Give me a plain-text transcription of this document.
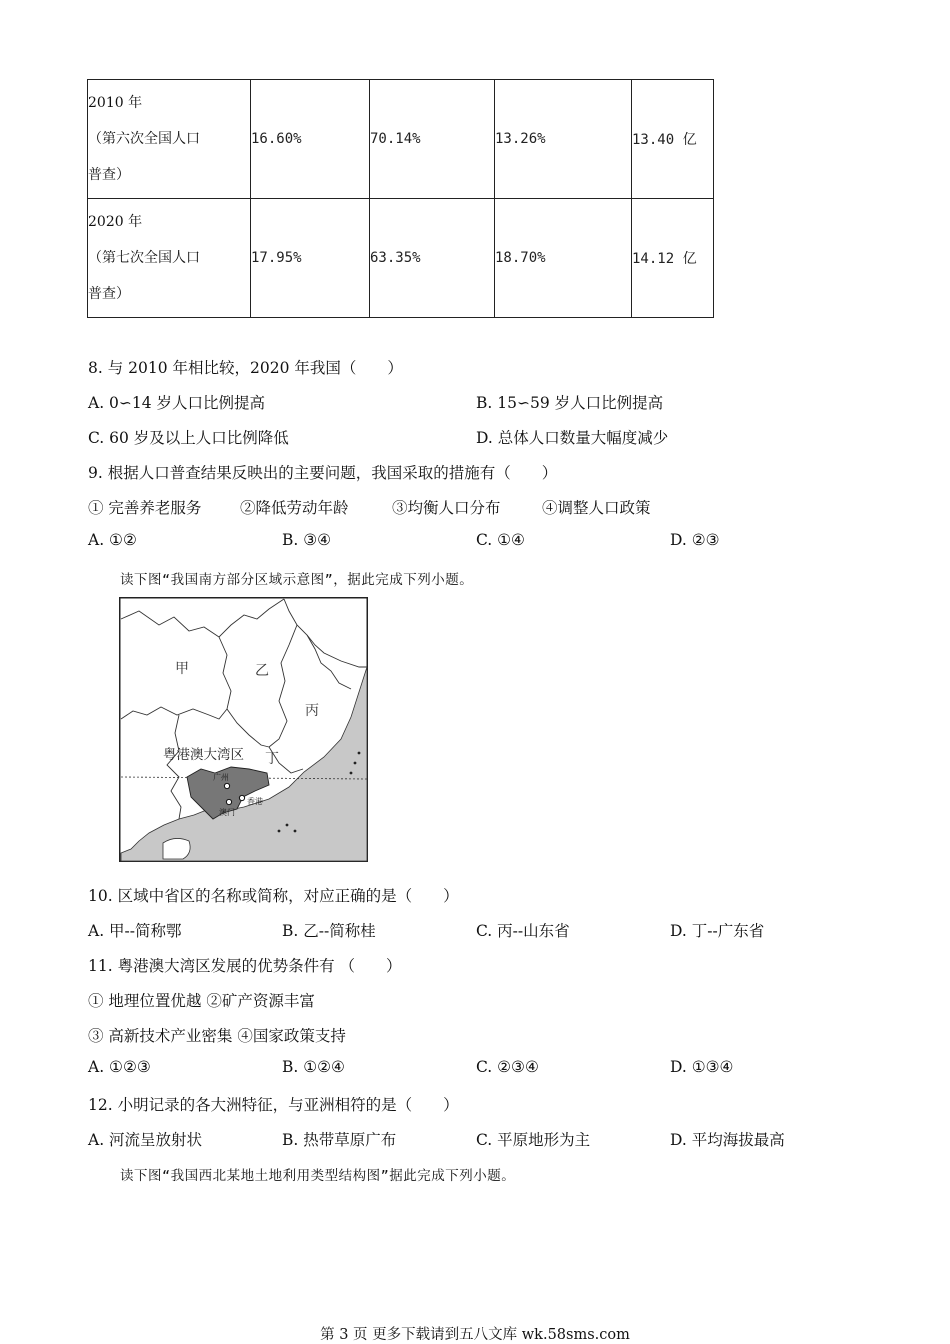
2010 年
（第六次全国人口
普查）	16.60%	70.14%	13.26%	13.40 亿

2020 年
（第七次全国人口
普查）	17.95%	63.35%	18.70%	14.12 亿
8. 与 2010 年相比较，2020 年我国（　　）
A. 0∽14 岁人口比例提高	B. 15∽59 岁人口比例提高
C. 60 岁及以上人口比例降低	D. 总体人口数量大幅度减少
9. 根据人口普查结果反映出的主要问题，我国采取的措施有（　　）
① 完善养老服务 ②降低劳动年龄	③均衡人口分布	④调整人口政策
A. ①②	B. ③④	C. ①④	D. ②③
读下图“我国南方部分区域示意图”，据此完成下列小题。
甲	乙
丙
丁
粤港澳大湾区
广州
香港
澳门
10. 区域中省区的名称或简称，对应正确的是（　　）
A. 甲--简称鄂	B. 乙--简称桂	C. 丙--山东省	D. 丁--广东省
11. 粤港澳大湾区发展的优势条件有 （　　）
① 地理位置优越 ②矿产资源丰富
③ 高新技术产业密集 ④国家政策支持
A. ①②③	B. ①②④	C. ②③④	D. ①③④
12. 小明记录的各大洲特征，与亚洲相符的是（　　）
A. 河流呈放射状	B. 热带草原广布	C. 平原地形为主	D. 平均海拔最高
读下图“我国西北某地土地利用类型结构图”据此完成下列小题。
第 3 页 更多下载请到五八文库 wk.58sms.com
